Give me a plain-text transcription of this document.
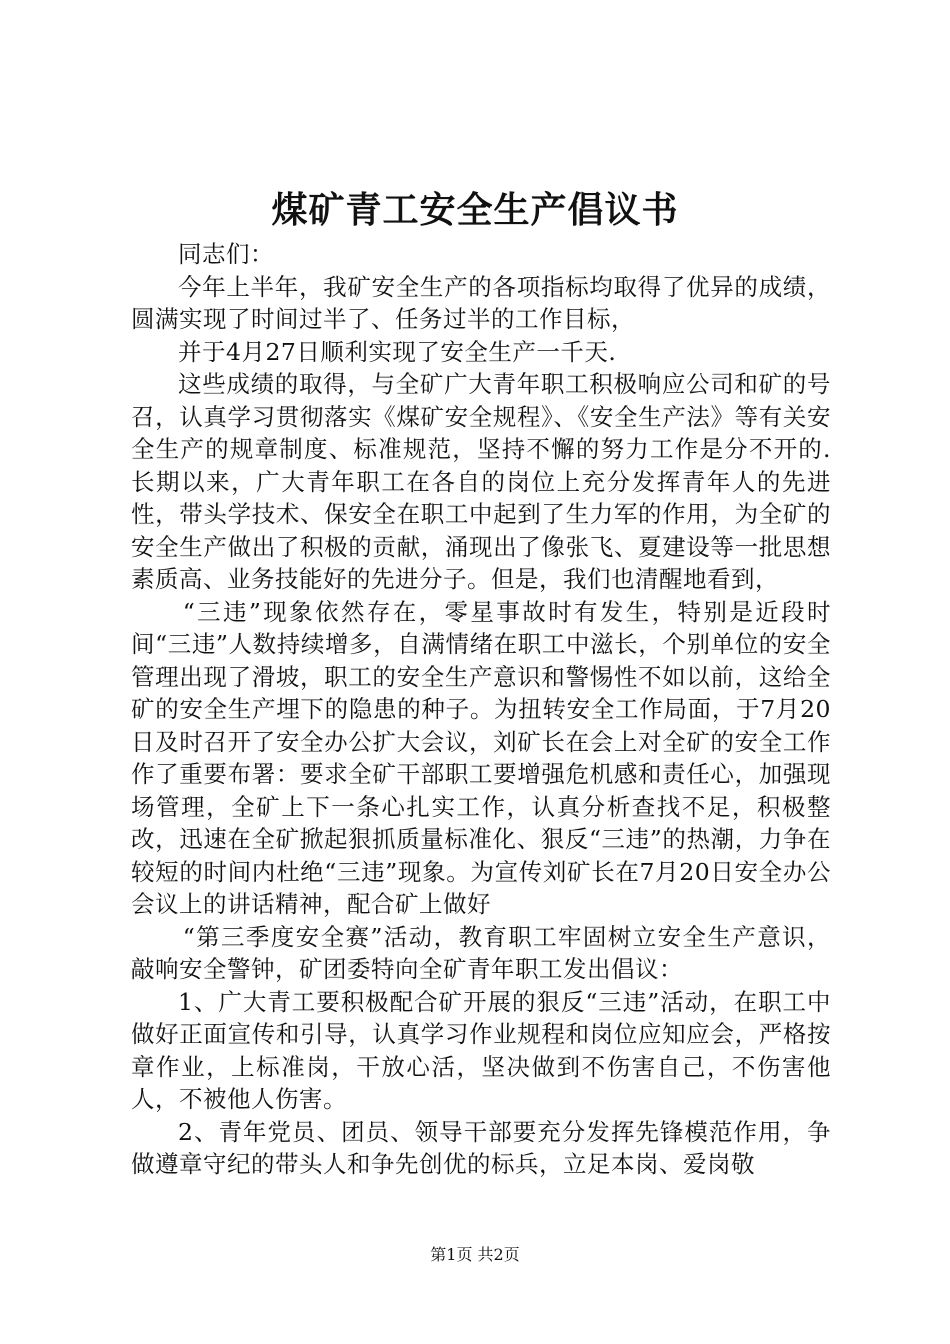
煤矿青工安全生产倡议书

同志们：

今年上半年，我矿安全生产的各项指标均取得了优异的成绩，圆满实现了时间过半了、任务过半的工作目标，

并于4月27日顺利实现了安全生产一千天.

这些成绩的取得，与全矿广大青年职工积极响应公司和矿的号召，认真学习贯彻落实《煤矿安全规程》、《安全生产法》等有关安全生产的规章制度、标准规范，坚持不懈的努力工作是分不开的.长期以来，广大青年职工在各自的岗位上充分发挥青年人的先进性，带头学技术、保安全在职工中起到了生力军的作用，为全矿的安全生产做出了积极的贡献，涌现出了像张飞、夏建设等一批思想素质高、业务技能好的先进分子。但是，我们也清醒地看到，

“三违”现象依然存在，零星事故时有发生，特别是近段时间“三违”人数持续增多，自满情绪在职工中滋长，个别单位的安全管理出现了滑坡，职工的安全生产意识和警惕性不如以前，这给全矿的安全生产埋下的隐患的种子。为扭转安全工作局面，于7月20日及时召开了安全办公扩大会议，刘矿长在会上对全矿的安全工作作了重要布署：要求全矿干部职工要增强危机感和责任心，加强现场管理，全矿上下一条心扎实工作，认真分析查找不足，积极整改，迅速在全矿掀起狠抓质量标准化、狠反“三违”的热潮，力争在较短的时间内杜绝“三违”现象。为宣传刘矿长在7月20日安全办公会议上的讲话精神，配合矿上做好

“第三季度安全赛”活动，教育职工牢固树立安全生产意识，敲响安全警钟，矿团委特向全矿青年职工发出倡议：

1、广大青工要积极配合矿开展的狠反“三违”活动，在职工中做好正面宣传和引导，认真学习作业规程和岗位应知应会，严格按章作业，上标准岗，干放心活，坚决做到不伤害自己，不伤害他人，不被他人伤害。

2、青年党员、团员、领导干部要充分发挥先锋模范作用，争做遵章守纪的带头人和争先创优的标兵，立足本岗、爱岗敬

第1页 共2页
